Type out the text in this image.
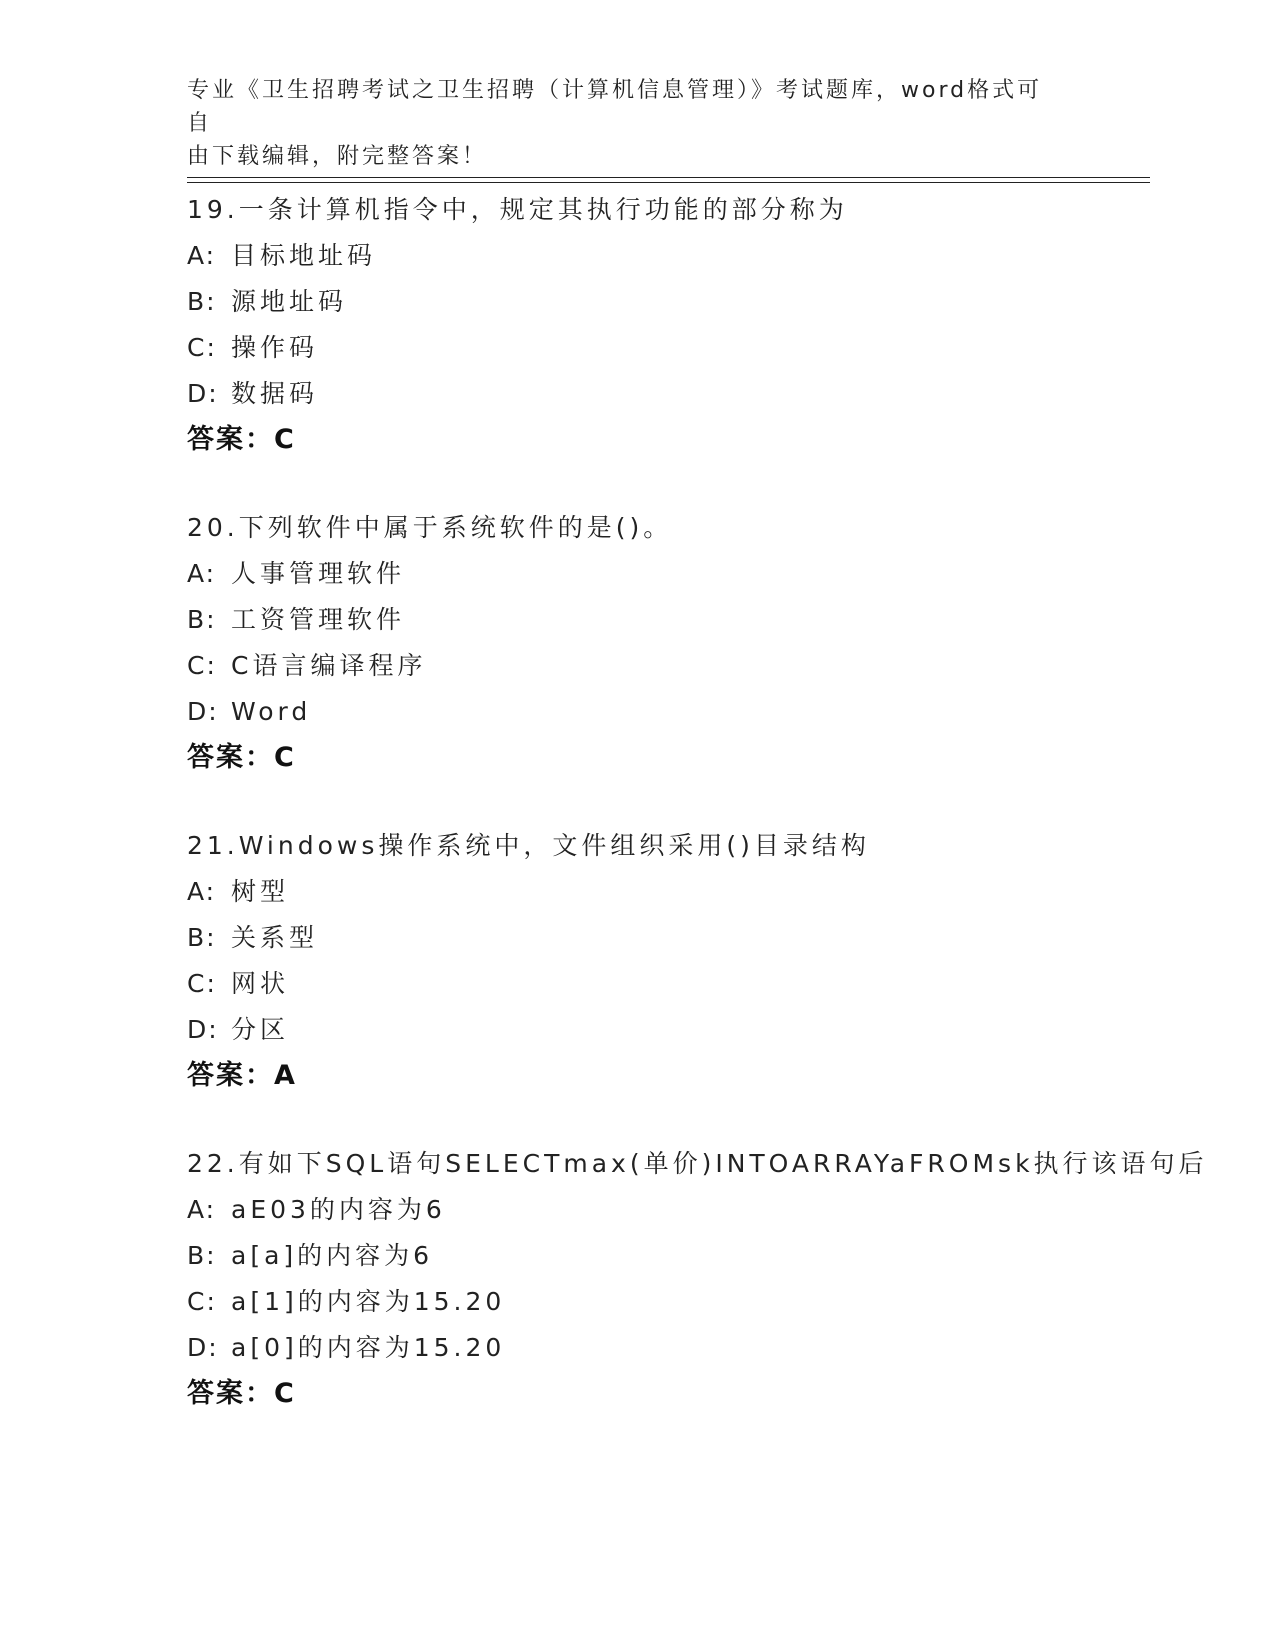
专业《卫生招聘考试之卫生招聘（计算机信息管理）》考试题库，word格式可自

由下载编辑，附完整答案！

19.一条计算机指令中，规定其执行功能的部分称为
A: 目标地址码
B: 源地址码
C: 操作码
D: 数据码
答案：C
20.下列软件中属于系统软件的是()。
A: 人事管理软件
B: 工资管理软件
C: C语言编译程序
D: Word
答案：C
21.Windows操作系统中，文件组织采用()目录结构
A: 树型
B: 关系型
C: 网状
D: 分区
答案：A
22.有如下SQL语句SELECTmax(单价)INTOARRAYaFROMsk执行该语句后
A: aE03的内容为6
B: a[a]的内容为6
C: a[1]的内容为15.20
D: a[0]的内容为15.20
答案：C
